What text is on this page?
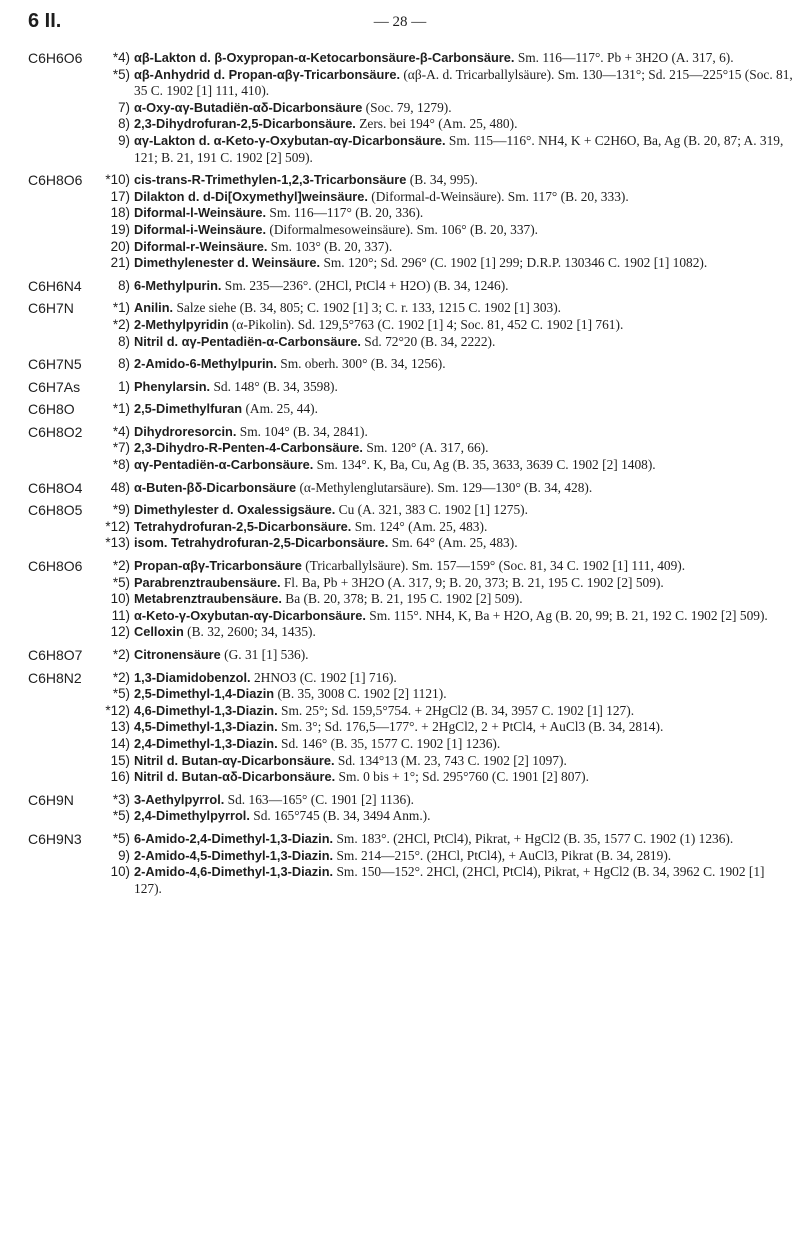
6 II.	— 28 —
C6H6O6	*4) αβ-Lakton d. β-Oxypropan-α-Ketocarbonsäure-β-Carbonsäure. Sm. 116—117°. Pb + 3H2O (A. 317, 6).
*5) αβ-Anhydrid d. Propan-αβγ-Tricarbonsäure. (αβ-A. d. Tricarballylsäure). Sm. 130—131°; Sd. 215—225°15 (Soc. 81, 35 C. 1902 [1] 111, 410).
7) α-Oxy-αγ-Butadiën-αδ-Dicarbonsäure (Soc. 79, 1279).
8) 2,3-Dihydrofuran-2,5-Dicarbonsäure. Zers. bei 194° (Am. 25, 480).
9) αγ-Lakton d. α-Keto-γ-Oxybutan-αγ-Dicarbonsäure. Sm. 115—116°. NH4, K + C2H6O, Ba, Ag (B. 20, 87; A. 319, 121; B. 21, 191 C. 1902 [2] 509).
C6H8O6	*10) cis-trans-R-Trimethylen-1,2,3-Tricarbonsäure (B. 34, 995).
17) Dilakton d. d-Di[Oxymethyl]weinsäure. (Diformal-d-Weinsäure). Sm. 117° (B. 20, 333).
18) Diformal-l-Weinsäure. Sm. 116—117° (B. 20, 336).
19) Diformal-i-Weinsäure. (Diformalmesoweinsäure). Sm. 106° (B. 20, 337).
20) Diformal-r-Weinsäure. Sm. 103° (B. 20, 337).
21) Dimethylenester d. Weinsäure. Sm. 120°; Sd. 296° (C. 1902 [1] 299; D.R.P. 130346 C. 1902 [1] 1082).
C6H6N4	8) 6-Methylpurin. Sm. 235—236°. (2HCl, PtCl4 + H2O) (B. 34, 1246).
C6H7N	*1) Anilin. Salze siehe (B. 34, 805; C. 1902 [1] 3; C. r. 133, 1215 C. 1902 [1] 303).
*2) 2-Methylpyridin (α-Pikolin). Sd. 129,5°763 (C. 1902 [1] 4; Soc. 81, 452 C. 1902 [1] 761).
8) Nitril d. αγ-Pentadiën-α-Carbonsäure. Sd. 72°20 (B. 34, 2222).
C6H7N5	8) 2-Amido-6-Methylpurin. Sm. oberh. 300° (B. 34, 1256).
C6H7As	1) Phenylarsin. Sd. 148° (B. 34, 3598).
C6H8O	*1) 2,5-Dimethylfuran (Am. 25, 44).
C6H8O2	*4) Dihydroresorcin. Sm. 104° (B. 34, 2841).
*7) 2,3-Dihydro-R-Penten-4-Carbonsäure. Sm. 120° (A. 317, 66).
*8) αγ-Pentadiën-α-Carbonsäure. Sm. 134°. K, Ba, Cu, Ag (B. 35, 3633, 3639 C. 1902 [2] 1408).
C6H8O4	48) α-Buten-βδ-Dicarbonsäure (α-Methylenglutarsäure). Sm. 129—130° (B. 34, 428).
C6H8O5	*9) Dimethylester d. Oxalessigsäure. Cu (A. 321, 383 C. 1902 [1] 1275).
*12) Tetrahydrofuran-2,5-Dicarbonsäure. Sm. 124° (Am. 25, 483).
*13) isom. Tetrahydrofuran-2,5-Dicarbonsäure. Sm. 64° (Am. 25, 483).
C6H8O6	*2) Propan-αβγ-Tricarbonsäure (Tricarballylsäure). Sm. 157—159° (Soc. 81, 34 C. 1902 [1] 111, 409).
*5) Parabrenztraubensäure. Fl. Ba, Pb + 3H2O (A. 317, 9; B. 20, 373; B. 21, 195 C. 1902 [2] 509).
10) Metabrenztraubensäure. Ba (B. 20, 378; B. 21, 195 C. 1902 [2] 509).
11) α-Keto-γ-Oxybutan-αγ-Dicarbonsäure. Sm. 115°. NH4, K, Ba + H2O, Ag (B. 20, 99; B. 21, 192 C. 1902 [2] 509).
12) Celloxin (B. 32, 2600; 34, 1435).
C6H8O7	*2) Citronensäure (G. 31 [1] 536).
C6H8N2	*2) 1,3-Diamidobenzol. 2HNO3 (C. 1902 [1] 716).
*5) 2,5-Dimethyl-1,4-Diazin (B. 35, 3008 C. 1902 [2] 1121).
*12) 4,6-Dimethyl-1,3-Diazin. Sm. 25°; Sd. 159,5°754. + 2HgCl2 (B. 34, 3957 C. 1902 [1] 127).
13) 4,5-Dimethyl-1,3-Diazin. Sm. 3°; Sd. 176,5—177°. + 2HgCl2, 2 + PtCl4, + AuCl3 (B. 34, 2814).
14) 2,4-Dimethyl-1,3-Diazin. Sd. 146° (B. 35, 1577 C. 1902 [1] 1236).
15) Nitril d. Butan-αγ-Dicarbonsäure. Sd. 134°13 (M. 23, 743 C. 1902 [2] 1097).
16) Nitril d. Butan-αδ-Dicarbonsäure. Sm. 0 bis + 1°; Sd. 295°760 (C. 1901 [2] 807).
C6H9N	*3) 3-Aethylpyrrol. Sd. 163—165° (C. 1901 [2] 1136).
*5) 2,4-Dimethylpyrrol. Sd. 165°745 (B. 34, 3494 Anm.).
C6H9N3	*5) 6-Amido-2,4-Dimethyl-1,3-Diazin. Sm. 183°. (2HCl, PtCl4), Pikrat, + HgCl2 (B. 35, 1577 C. 1902 (1) 1236).
9) 2-Amido-4,5-Dimethyl-1,3-Diazin. Sm. 214—215°. (2HCl, PtCl4), + AuCl3, Pikrat (B. 34, 2819).
10) 2-Amido-4,6-Dimethyl-1,3-Diazin. Sm. 150—152°. 2HCl, (2HCl, PtCl4), Pikrat, + HgCl2 (B. 34, 3962 C. 1902 [1] 127).
